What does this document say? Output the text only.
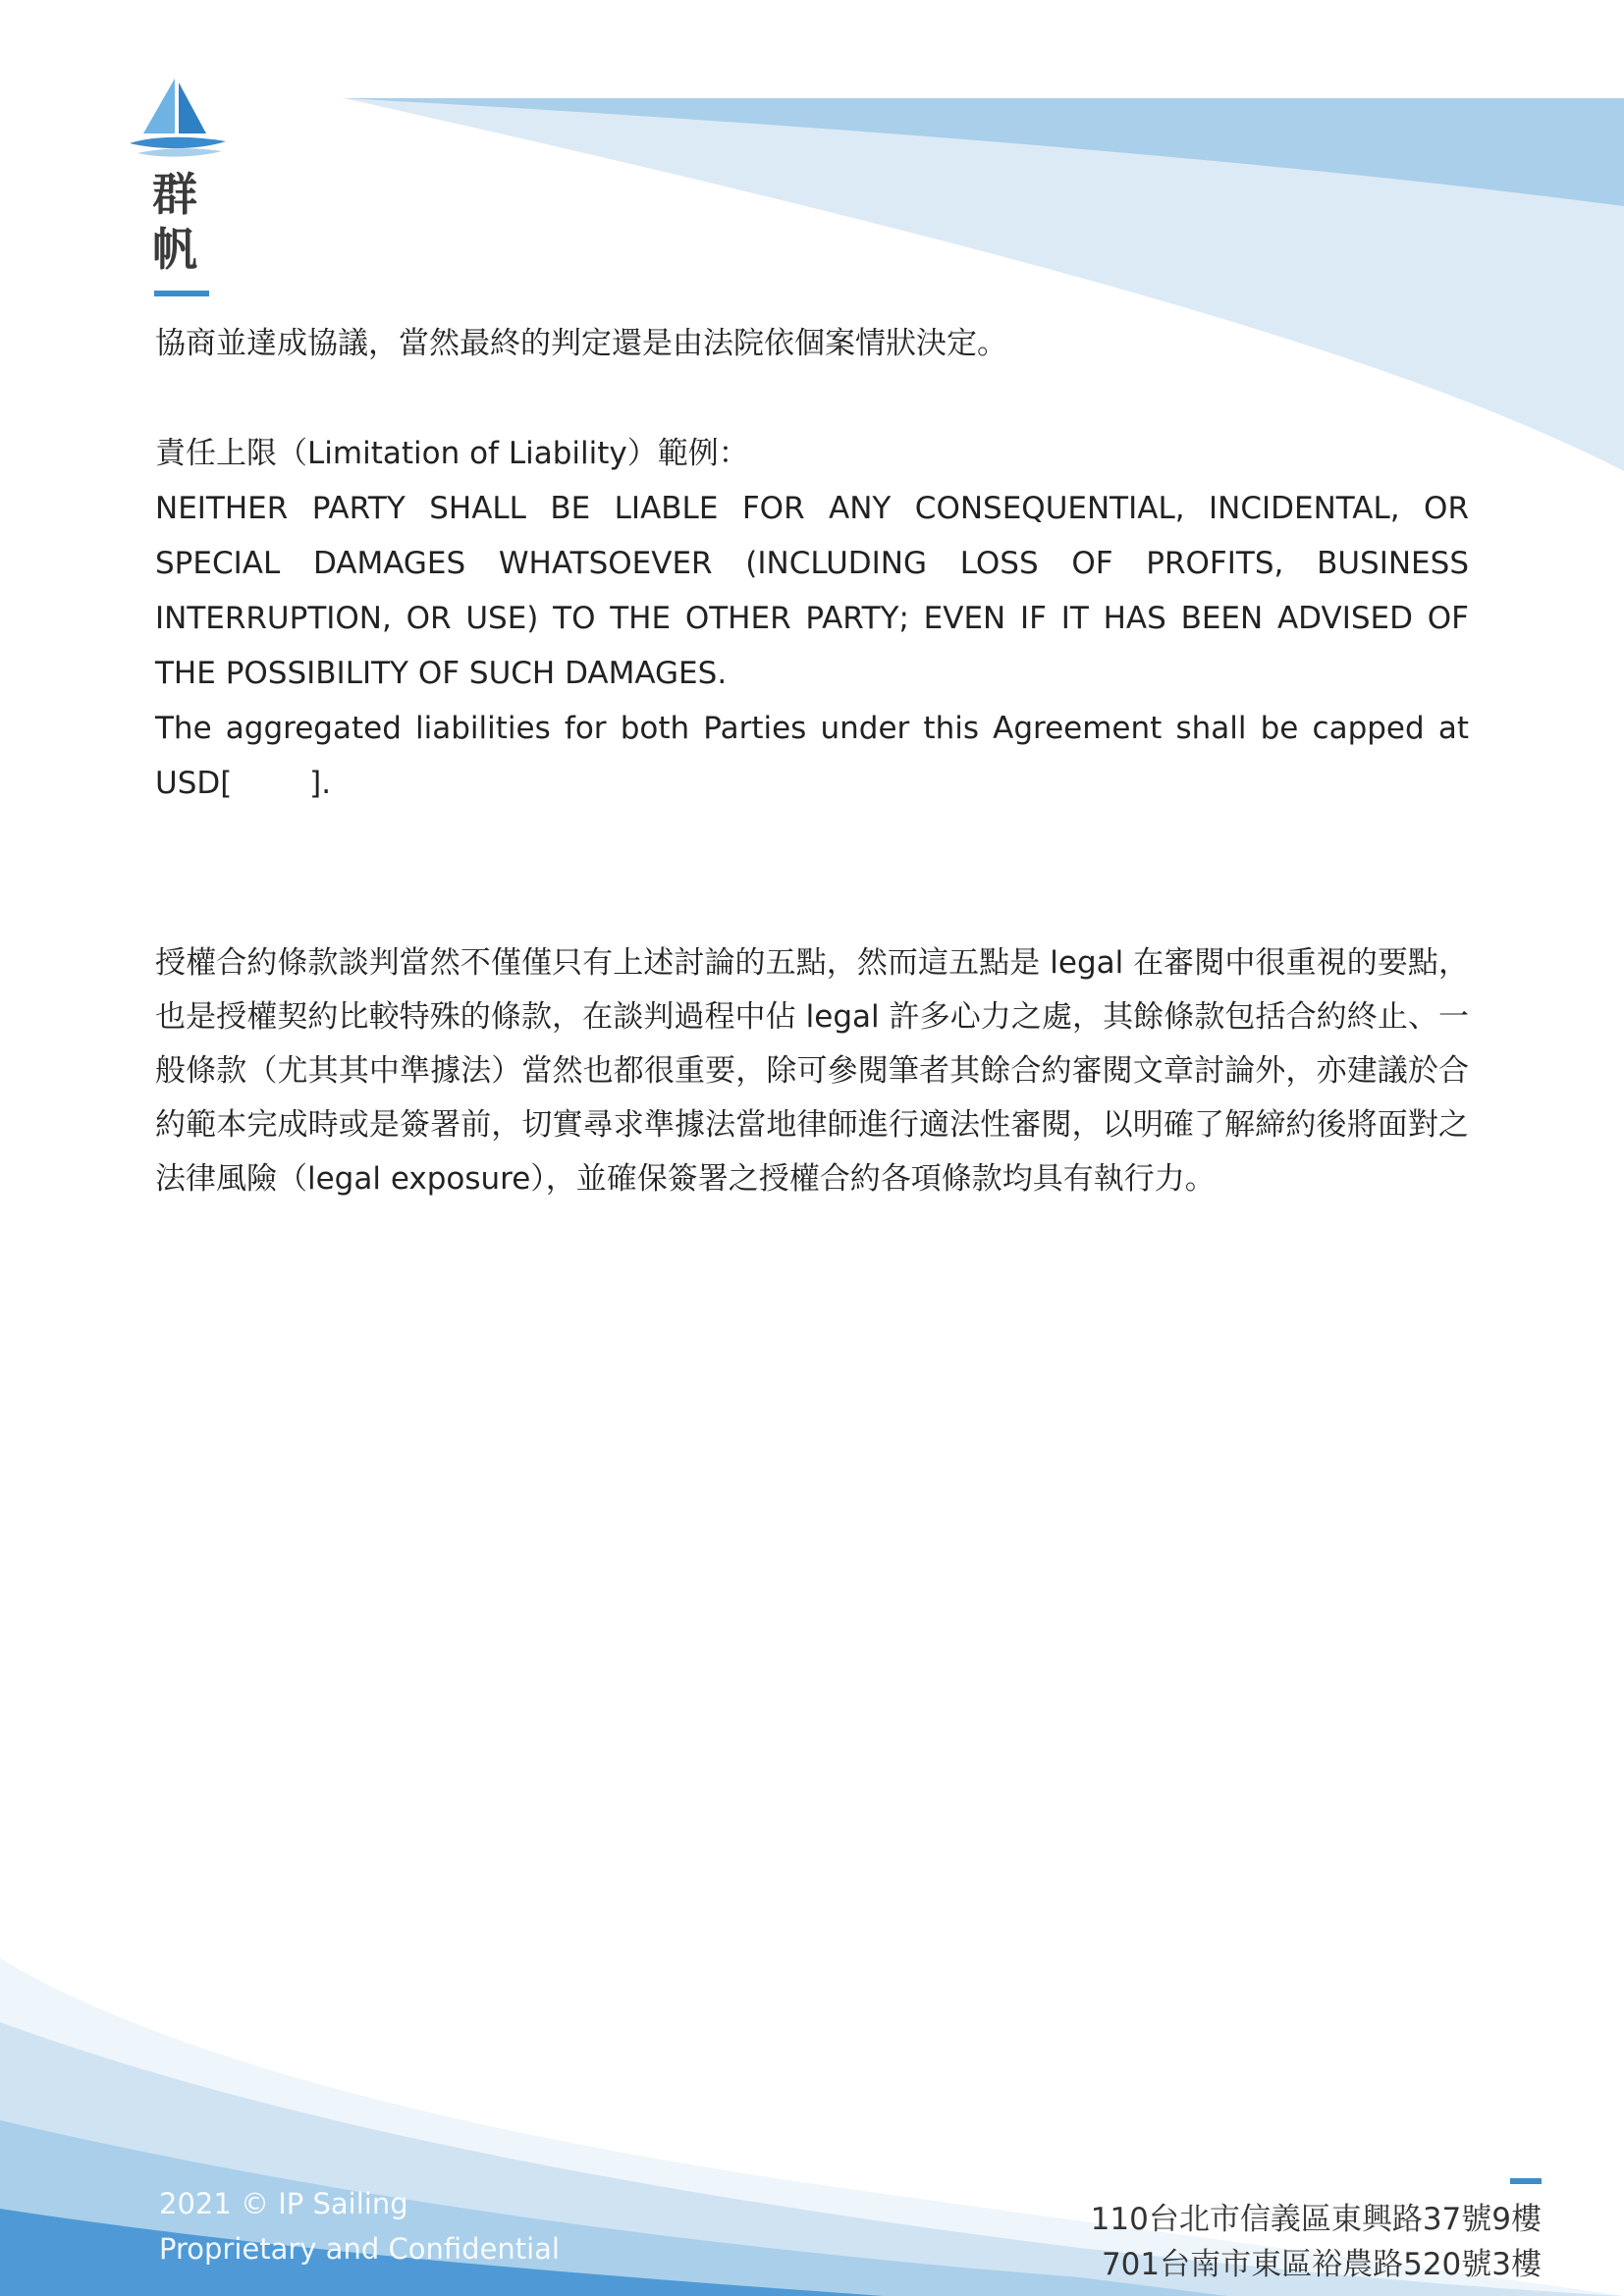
群
帆

協商並達成協議，當然最終的判定還是由法院依個案情狀決定。

責任上限（Limitation of Liability）範例：

NEITHER PARTY SHALL BE LIABLE FOR ANY CONSEQUENTIAL, INCIDENTAL, OR SPECIAL DAMAGES WHATSOEVER (INCLUDING LOSS OF PROFITS, BUSINESS INTERRUPTION, OR USE) TO THE OTHER PARTY; EVEN IF IT HAS BEEN ADVISED OF THE POSSIBILITY OF SUCH DAMAGES.

The aggregated liabilities for both Parties under this Agreement shall be capped at USD[        ].

授權合約條款談判當然不僅僅只有上述討論的五點，然而這五點是 legal 在審閱中很重視的要點，也是授權契約比較特殊的條款，在談判過程中佔 legal 許多心力之處，其餘條款包括合約終止、一般條款（尤其其中準據法）當然也都很重要，除可參閱筆者其餘合約審閱文章討論外，亦建議於合約範本完成時或是簽署前，切實尋求準據法當地律師進行適法性審閱，以明確了解締約後將面對之法律風險（legal exposure），並確保簽署之授權合約各項條款均具有執行力。

2021 © IP Sailing
Proprietary and Confidential
110台北市信義區東興路37號9樓
701台南市東區裕農路520號3樓
